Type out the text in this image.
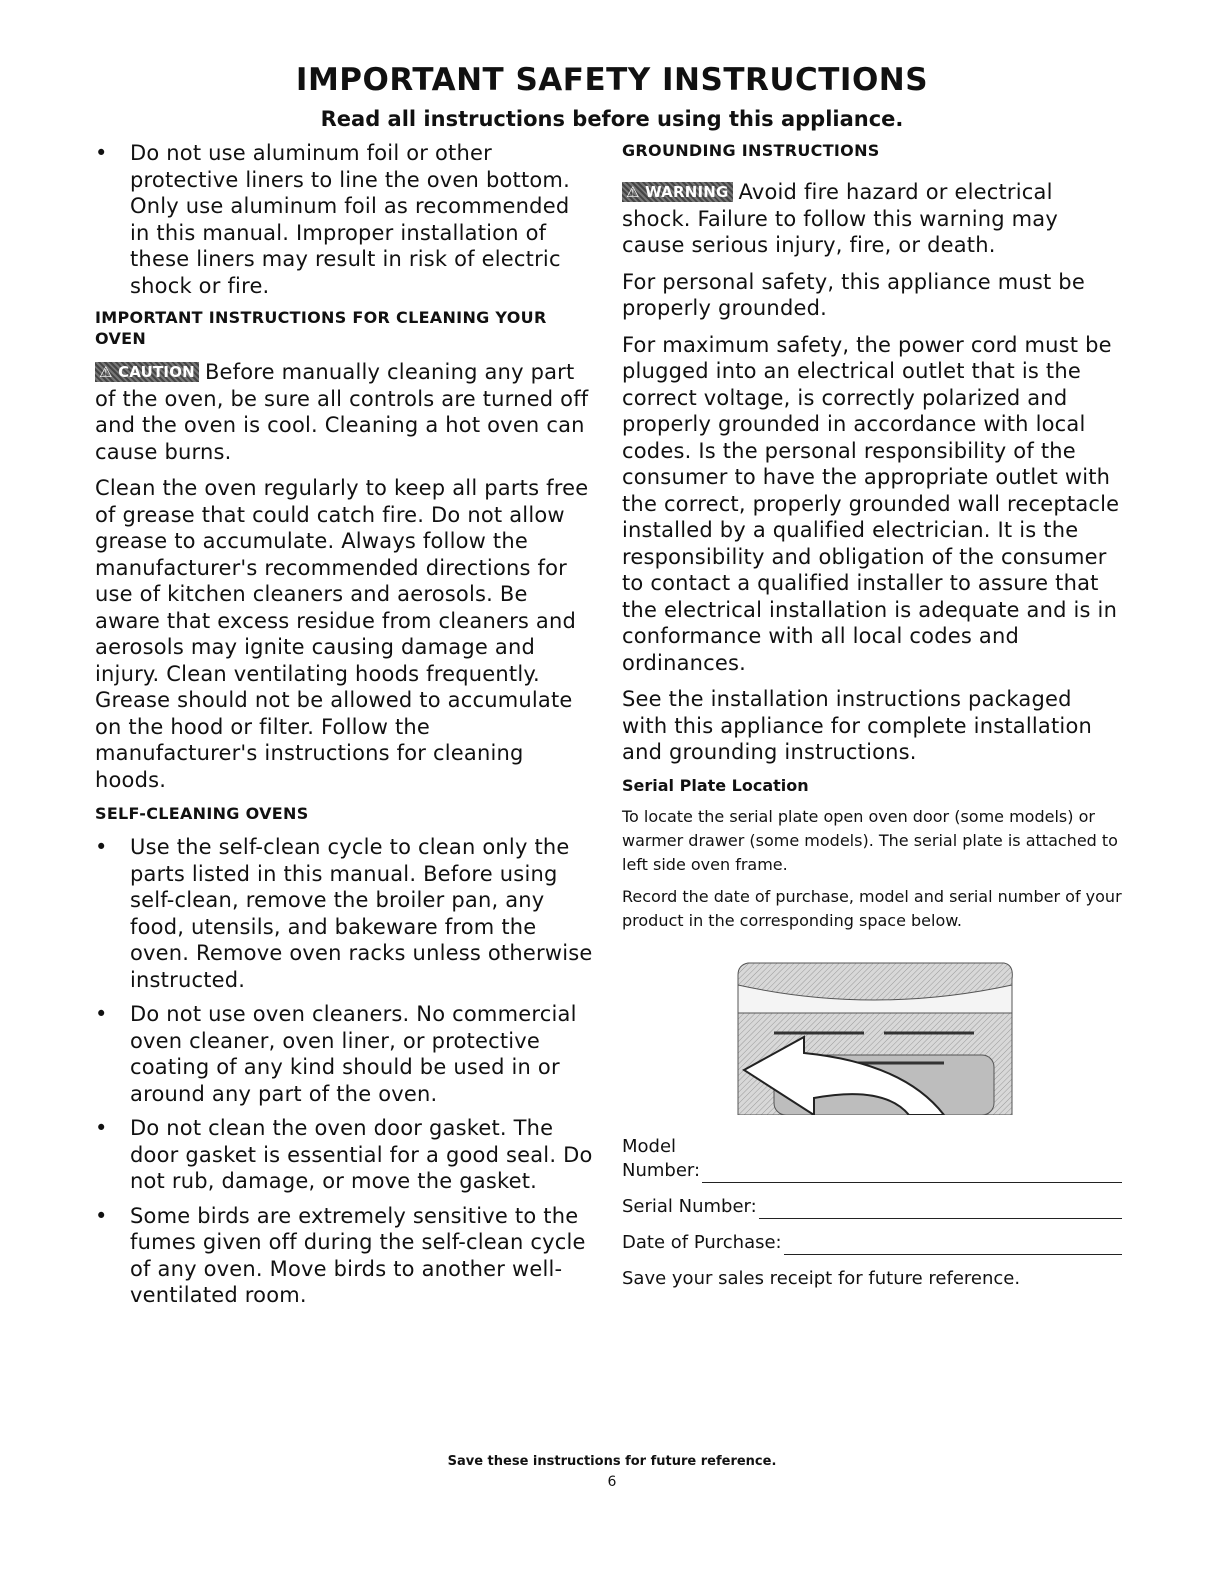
IMPORTANT SAFETY INSTRUCTIONS
Read all instructions before using this appliance.
• Do not use aluminum foil or other protective liners to line the oven bottom. Only use aluminum foil as recommended in this manual. Improper installation of these liners may result in risk of electric shock or fire.
IMPORTANT INSTRUCTIONS FOR CLEANING YOUR OVEN

⚠ CAUTION Before manually cleaning any part of the oven, be sure all controls are turned off and the oven is cool. Cleaning a hot oven can cause burns.

Clean the oven regularly to keep all parts free of grease that could catch fire. Do not allow grease to accumulate. Always follow the manufacturer's recommended directions for use of kitchen cleaners and aerosols. Be aware that excess residue from cleaners and aerosols may ignite causing damage and injury. Clean ventilating hoods frequently. Grease should not be allowed to accumulate on the hood or filter. Follow the manufacturer's instructions for cleaning hoods.

SELF-CLEANING OVENS
• Use the self-clean cycle to clean only the parts listed in this manual. Before using self-clean, remove the broiler pan, any food, utensils, and bakeware from the oven. Remove oven racks unless otherwise instructed.
• Do not use oven cleaners. No commercial oven cleaner, oven liner, or protective coating of any kind should be used in or around any part of the oven.
• Do not clean the oven door gasket. The door gasket is essential for a good seal. Do not rub, damage, or move the gasket.
• Some birds are extremely sensitive to the fumes given off during the self-clean cycle of any oven. Move birds to another well-ventilated room.
GROUNDING INSTRUCTIONS

⚠ WARNING Avoid fire hazard or electrical shock. Failure to follow this warning may cause serious injury, fire, or death.

For personal safety, this appliance must be properly grounded.

For maximum safety, the power cord must be plugged into an electrical outlet that is the correct voltage, is correctly polarized and properly grounded in accordance with local codes. Is the personal responsibility of the consumer to have the appropriate outlet with the correct, properly grounded wall receptacle installed by a qualified electrician. It is the responsibility and obligation of the consumer to contact a qualified installer to assure that the electrical installation is adequate and is in conformance with all local codes and ordinances.

See the installation instructions packaged with this appliance for complete installation and grounding instructions.

Serial Plate Location

To locate the serial plate open oven door (some models) or warmer drawer (some models). The serial plate is attached to left side oven frame.

Record the date of purchase, model and serial number of your product in the corresponding space below.

Model
Number:
Serial Number:
Date of Purchase:
Save your sales receipt for future reference.
Save these instructions for future reference.
6
